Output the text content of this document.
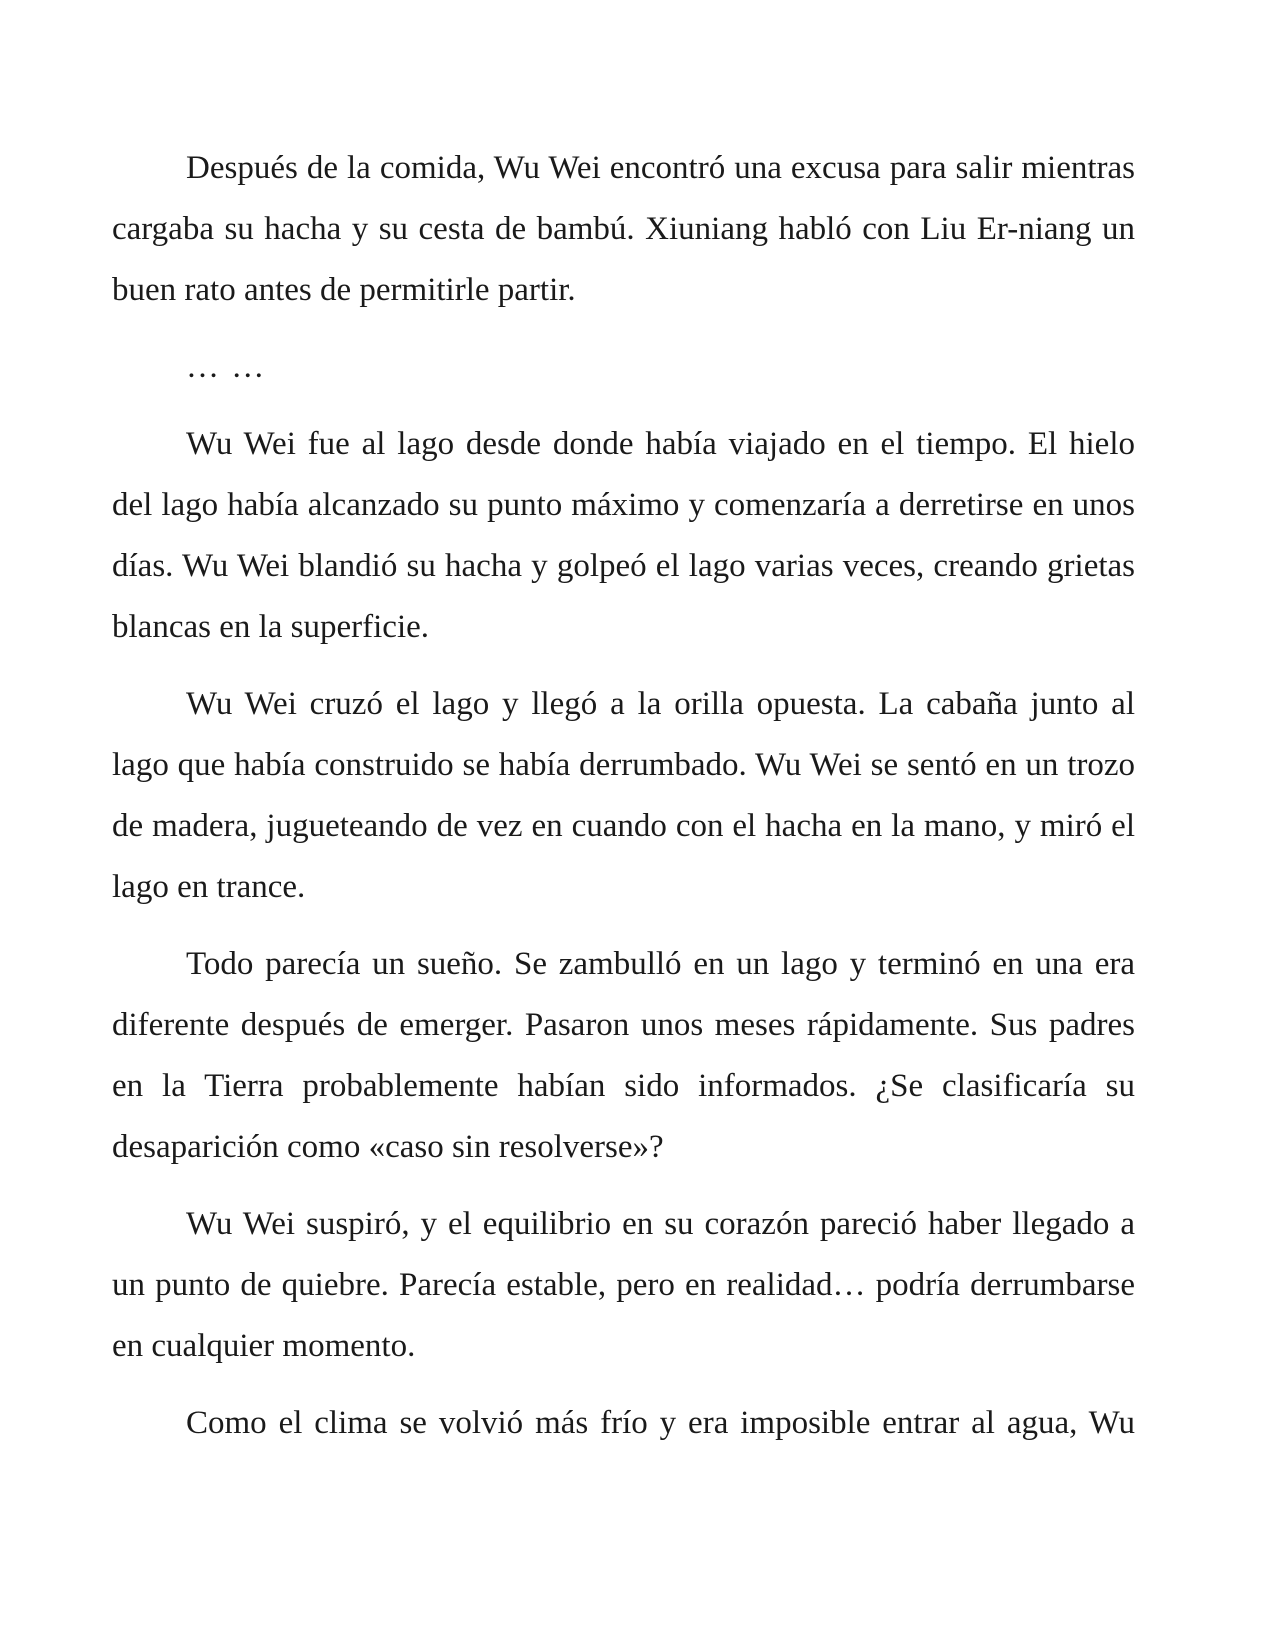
Después de la comida, Wu Wei encontró una excusa para salir mientras cargaba su hacha y su cesta de bambú. Xiuniang habló con Liu Er-niang un buen rato antes de permitirle partir.

… …

Wu Wei fue al lago desde donde había viajado en el tiempo. El hielo del lago había alcanzado su punto máximo y comenzaría a derretirse en unos días. Wu Wei blandió su hacha y golpeó el lago varias veces, creando grietas blancas en la superficie.

Wu Wei cruzó el lago y llegó a la orilla opuesta. La cabaña junto al lago que había construido se había derrumbado. Wu Wei se sentó en un trozo de madera, jugueteando de vez en cuando con el hacha en la mano, y miró el lago en trance.

Todo parecía un sueño. Se zambulló en un lago y terminó en una era diferente después de emerger. Pasaron unos meses rápidamente. Sus padres en la Tierra probablemente habían sido informados. ¿Se clasificaría su desaparición como «caso sin resolverse»?

Wu Wei suspiró, y el equilibrio en su corazón pareció haber llegado a un punto de quiebre. Parecía estable, pero en realidad… podría derrumbarse en cualquier momento.

Como el clima se volvió más frío y era imposible entrar al agua, Wu
